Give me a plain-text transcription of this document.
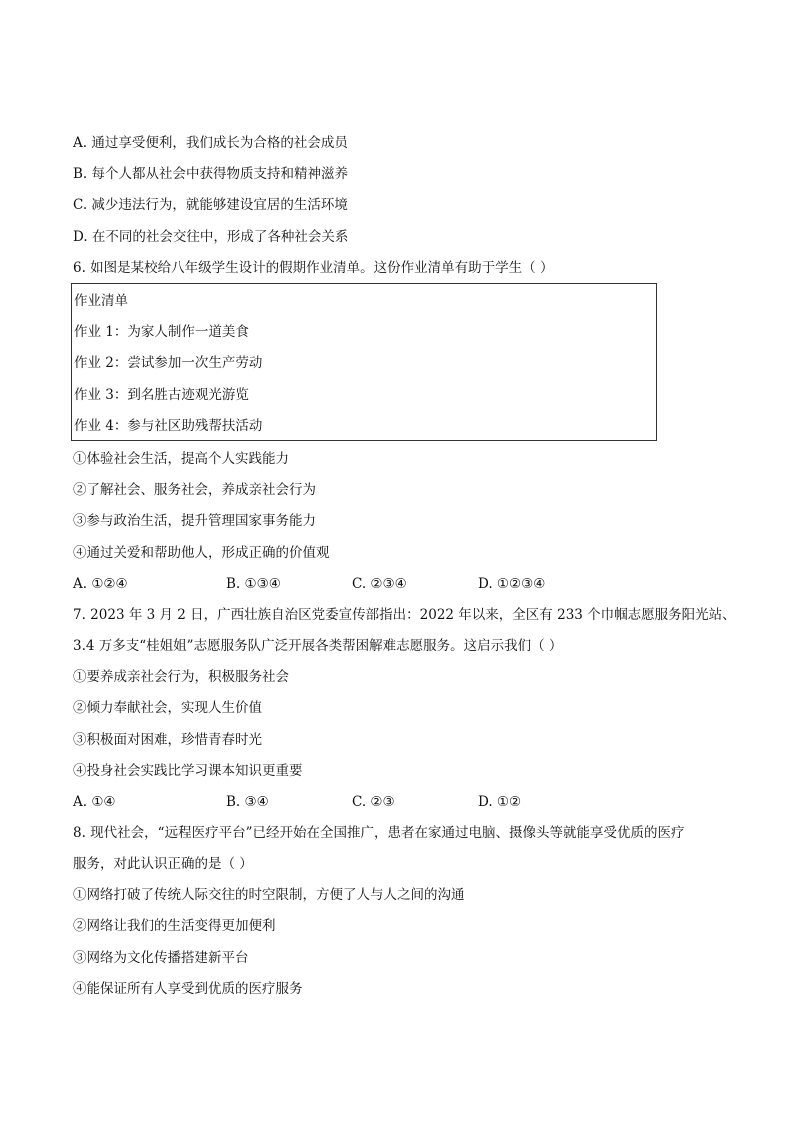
A. 通过享受便利，我们成长为合格的社会成员
B. 每个人都从社会中获得物质支持和精神滋养
C. 减少违法行为，就能够建设宜居的生活环境
D. 在不同的社会交往中，形成了各种社会关系
6. 如图是某校给八年级学生设计的假期作业清单。这份作业清单有助于学生（ ）
作业清单
作业 1：为家人制作一道美食
作业 2：尝试参加一次生产劳动
作业 3：到名胜古迹观光游览
作业 4：参与社区助残帮扶活动
①体验社会生活，提高个人实践能力
②了解社会、服务社会，养成亲社会行为
③参与政治生活，提升管理国家事务能力
④通过关爱和帮助他人，形成正确的价值观
A. ①②④	B. ①③④	C. ②③④	D. ①②③④
7. 2023 年 3 月 2 日，广西壮族自治区党委宣传部指出：2022 年以来，全区有 233 个巾帼志愿服务阳光站、
3.4 万多支“桂姐姐”志愿服务队广泛开展各类帮困解难志愿服务。这启示我们（ ）
①要养成亲社会行为，积极服务社会
②倾力奉献社会，实现人生价值
③积极面对困难，珍惜青春时光
④投身社会实践比学习课本知识更重要
A. ①④	B. ③④	C. ②③	D. ①②
8. 现代社会，“远程医疗平台”已经开始在全国推广，患者在家通过电脑、摄像头等就能享受优质的医疗
服务，对此认识正确的是（ ）
①网络打破了传统人际交往的时空限制，方便了人与人之间的沟通
②网络让我们的生活变得更加便利
③网络为文化传播搭建新平台
④能保证所有人享受到优质的医疗服务
